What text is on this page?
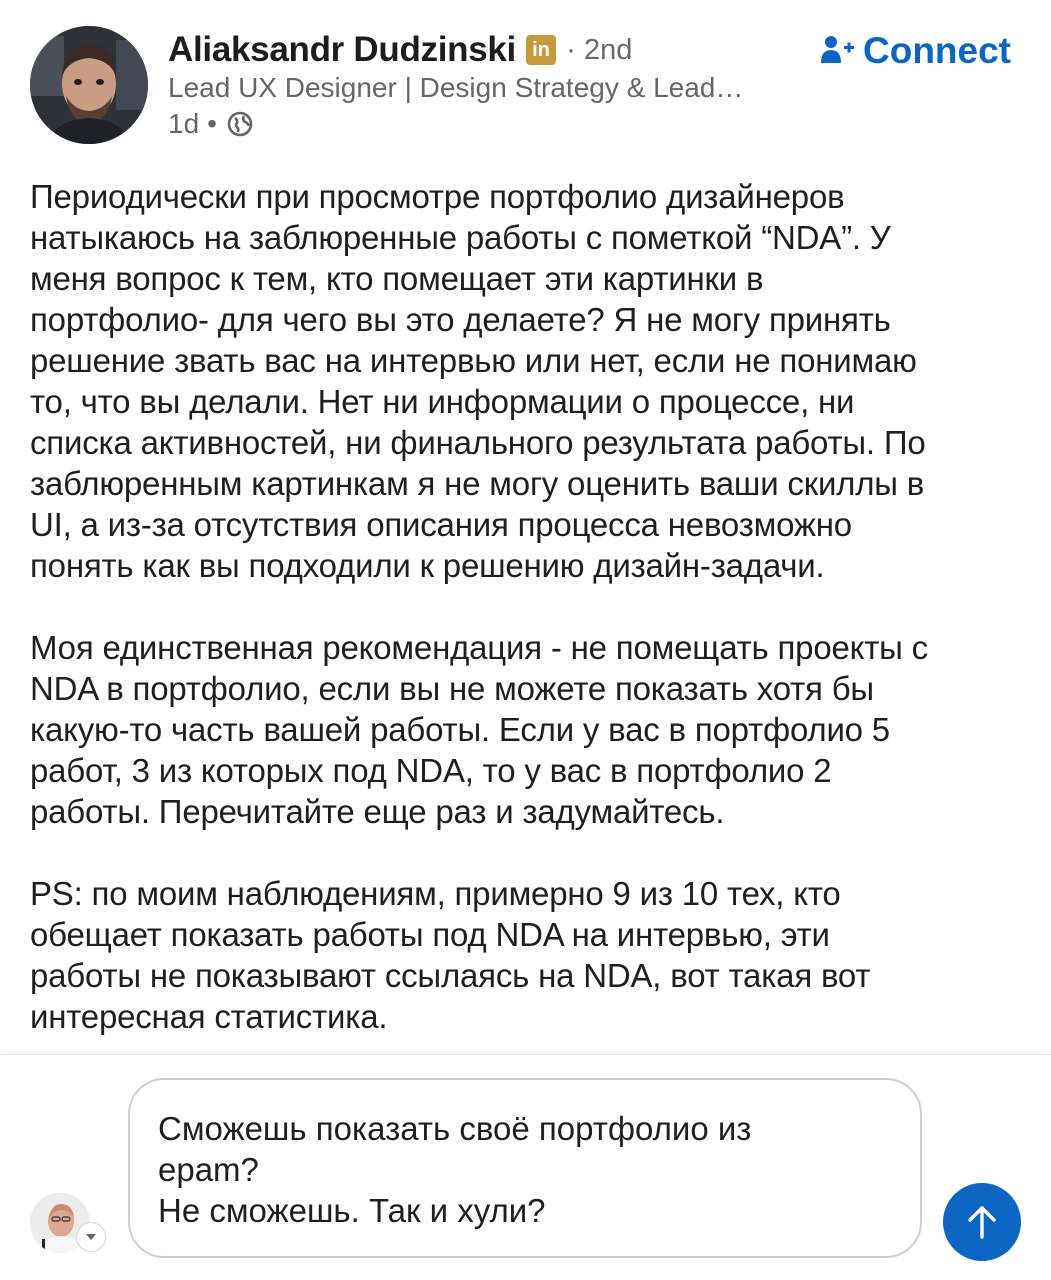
Aliaksandr Dudzinski in · 2nd	Connect
Lead UX Designer | Design Strategy & Lead…
1d •

Периодически при просмотре портфолио дизайнеров
натыкаюсь на заблюренные работы с пометкой “NDA”. У
меня вопрос к тем, кто помещает эти картинки в
портфолио- для чего вы это делаете? Я не могу принять
решение звать вас на интервью или нет, если не понимаю
то, что вы делали. Нет ни информации о процессе, ни
списка активностей, ни финального результата работы. По
заблюренным картинкам я не могу оценить ваши скиллы в
UI, а из-за отсутствия описания процесса невозможно
понять как вы подходили к решению дизайн-задачи.

Моя единственная рекомендация - не помещать проекты с
NDA в портфолио, если вы не можете показать хотя бы
какую-то часть вашей работы. Если у вас в портфолио 5
работ, 3 из которых под NDA, то у вас в портфолио 2
работы. Перечитайте еще раз и задумайтесь.

PS: по моим наблюдениям, примерно 9 из 10 тех, кто
обещает показать работы под NDA на интервью, эти
работы не показывают ссылаясь на NDA, вот такая вот
интересная статистика.

Сможешь показать своё портфолио из
epam?
Не сможешь. Так и хули?
